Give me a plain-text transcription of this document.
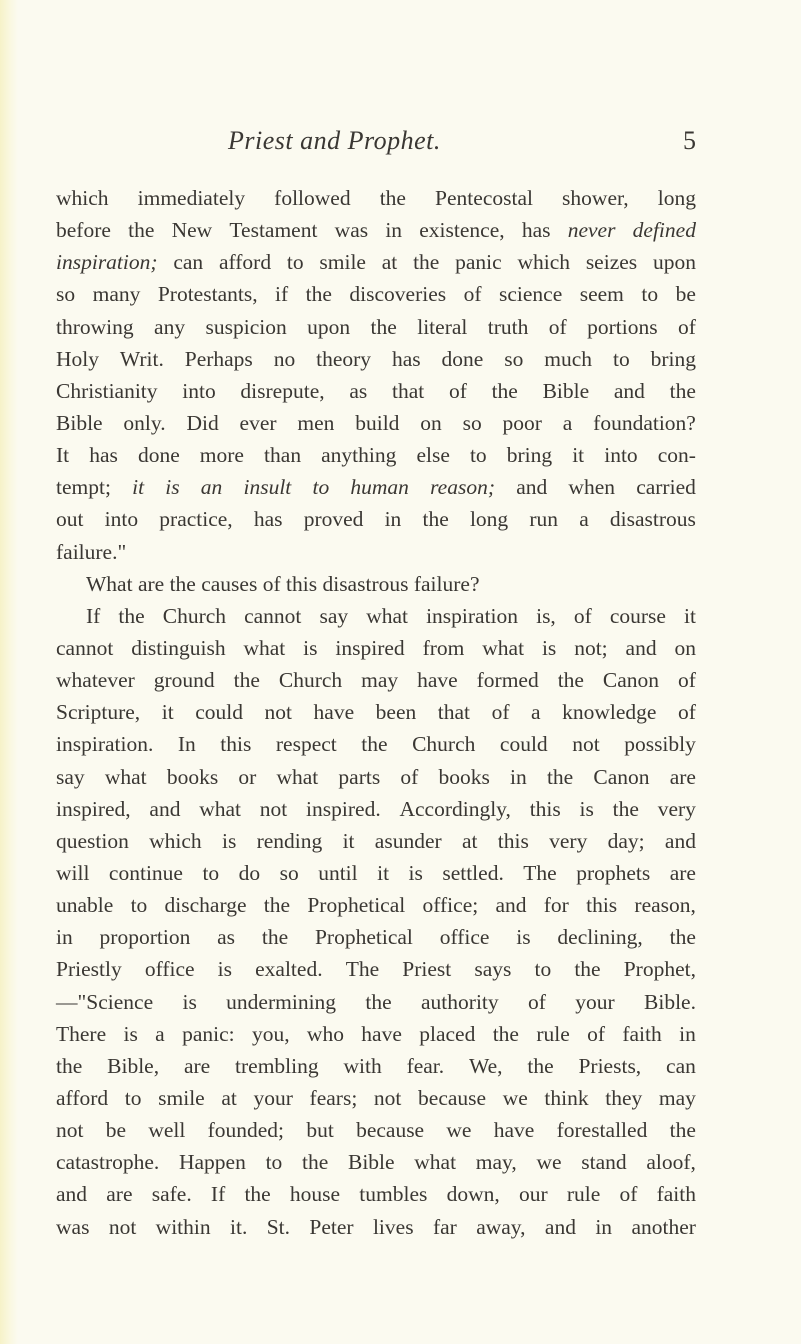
Priest and Prophet.	5
which immediately followed the Pentecostal shower, long
before the New Testament was in existence, has never defined
inspiration; can afford to smile at the panic which seizes upon
so many Protestants, if the discoveries of science seem to be
throwing any suspicion upon the literal truth of portions of
Holy Writ. Perhaps no theory has done so much to bring
Christianity into disrepute, as that of the Bible and the
Bible only. Did ever men build on so poor a foundation?
It has done more than anything else to bring it into con-
tempt; it is an insult to human reason; and when carried
out into practice, has proved in the long run a disastrous
failure."
What are the causes of this disastrous failure?
If the Church cannot say what inspiration is, of course it
cannot distinguish what is inspired from what is not; and on
whatever ground the Church may have formed the Canon of
Scripture, it could not have been that of a knowledge of
inspiration. In this respect the Church could not possibly
say what books or what parts of books in the Canon are
inspired, and what not inspired. Accordingly, this is the very
question which is rending it asunder at this very day; and
will continue to do so until it is settled. The prophets are
unable to discharge the Prophetical office; and for this reason,
in proportion as the Prophetical office is declining, the
Priestly office is exalted. The Priest says to the Prophet,
—"Science is undermining the authority of your Bible.
There is a panic: you, who have placed the rule of faith in
the Bible, are trembling with fear. We, the Priests, can
afford to smile at your fears; not because we think they may
not be well founded; but because we have forestalled the
catastrophe. Happen to the Bible what may, we stand aloof,
and are safe. If the house tumbles down, our rule of faith
was not within it. St. Peter lives far away, and in another
